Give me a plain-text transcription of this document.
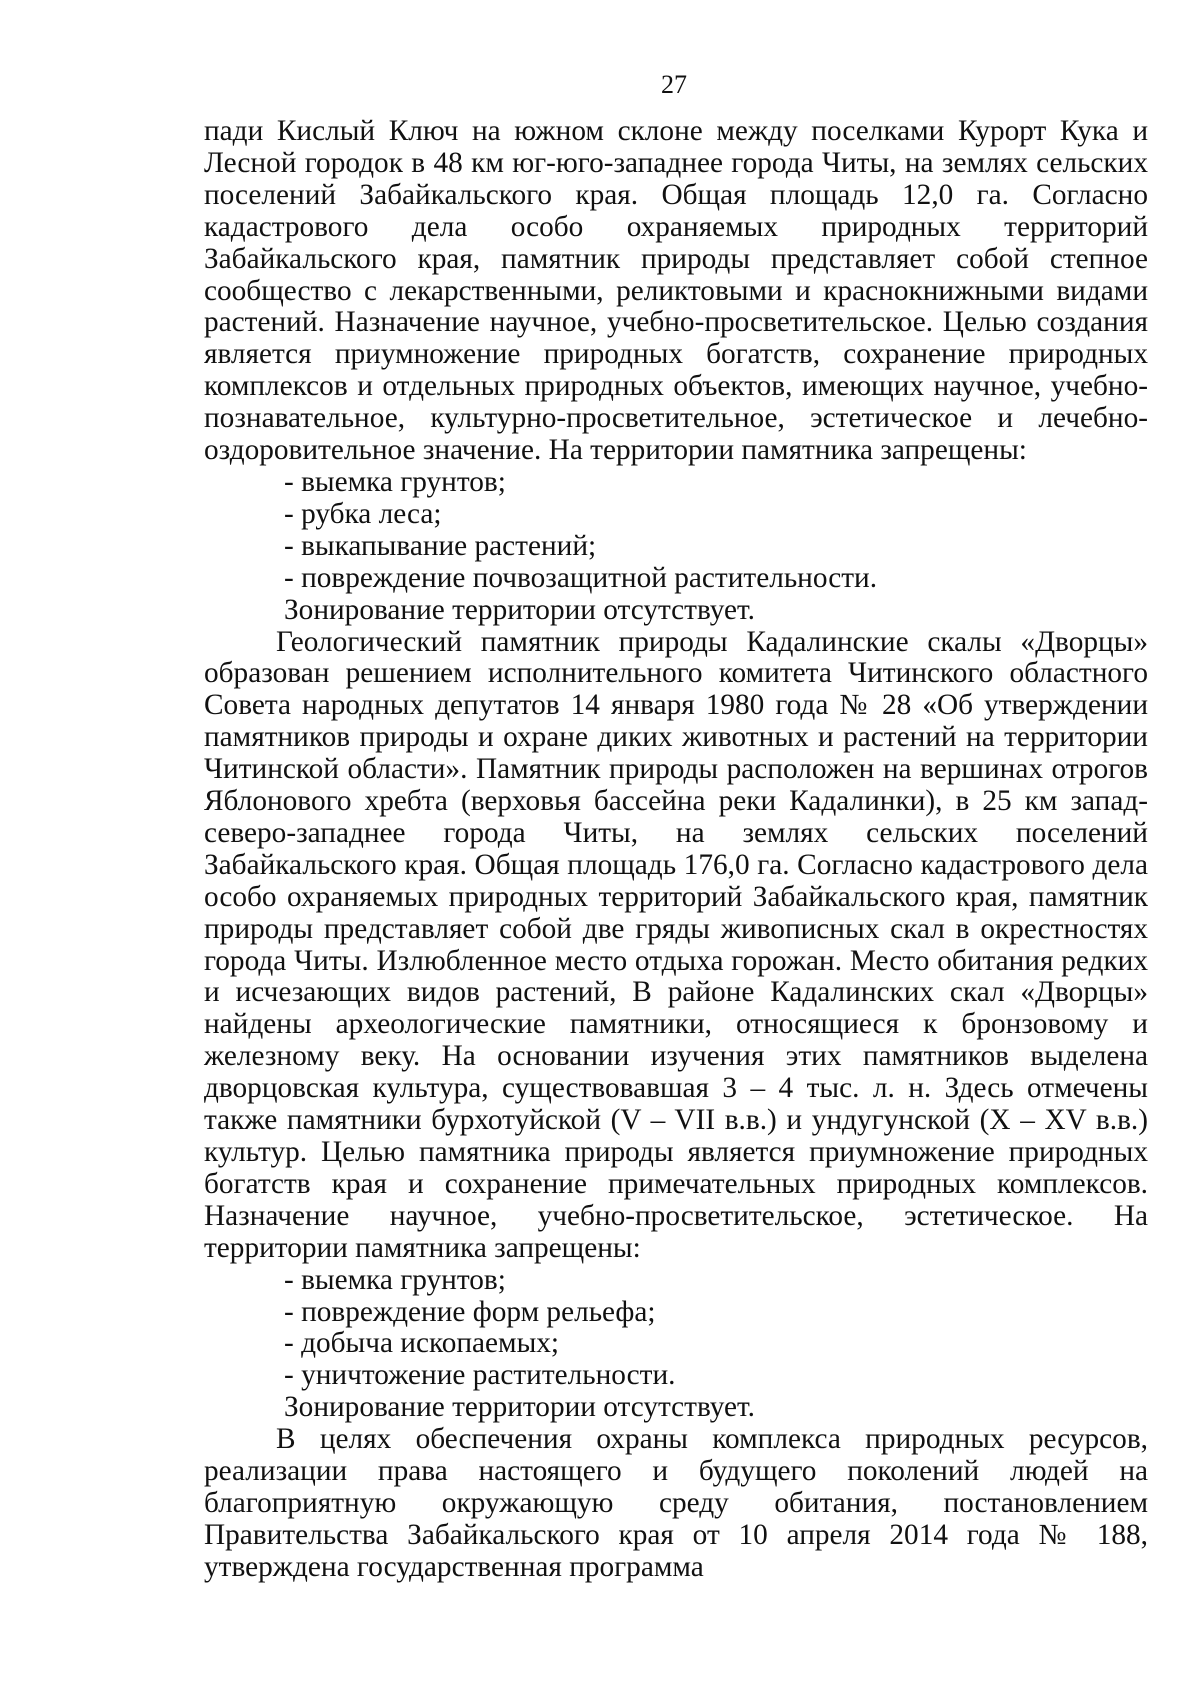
27

пади Кислый Ключ на южном склоне между поселками Курорт Кука и Лесной городок в 48 км юг-юго-западнее города Читы, на землях сельских поселений Забайкальского края. Общая площадь 12,0 га. Согласно кадастрового дела особо охраняемых природных территорий Забайкальского края, памятник природы представляет собой степное сообщество с лекарственными, реликтовыми и краснокнижными видами растений. Назначение научное, учебно-просветительское. Целью создания является приумножение природных богатств, сохранение природных комплексов и отдельных природных объектов, имеющих научное, учебно-познавательное, культурно-просветительное, эстетическое и лечебно-оздоровительное значение. На территории памятника запрещены:

- выемка грунтов;

- рубка леса;

- выкапывание растений;

- повреждение почвозащитной растительности.

Зонирование территории отсутствует.

Геологический памятник природы Кадалинские скалы «Дворцы» образован решением исполнительного комитета Читинского областного Совета народных депутатов 14 января 1980 года № 28 «Об утверждении памятников природы и охране диких животных и растений на территории Читинской области». Памятник природы расположен на вершинах отрогов Яблонового хребта (верховья бассейна реки Кадалинки), в 25 км запад-северо-западнее города Читы, на землях сельских поселений Забайкальского края. Общая площадь 176,0 га. Согласно кадастрового дела особо охраняемых природных территорий Забайкальского края, памятник природы представляет собой две гряды живописных скал в окрестностях города Читы. Излюбленное место отдыха горожан. Место обитания редких и исчезающих видов растений, В районе Кадалинских скал «Дворцы» найдены археологические памятники, относящиеся к бронзовому и железному веку. На основании изучения этих памятников выделена дворцовская культура, существовавшая 3 – 4 тыс. л. н. Здесь отмечены также памятники бурхотуйской (V – VII в.в.) и ундугунской (X – XV в.в.) культур. Целью памятника природы является приумножение природных богатств края и сохранение примечательных природных комплексов. Назначение научное, учебно-просветительское, эстетическое. На территории памятника запрещены:

- выемка грунтов;

- повреждение форм рельефа;

- добыча ископаемых;

- уничтожение растительности.

Зонирование территории отсутствует.

В целях обеспечения охраны комплекса природных ресурсов, реализации права настоящего и будущего поколений людей на благоприятную окружающую среду обитания, постановлением Правительства Забайкальского края от 10 апреля 2014 года № 188, утверждена государственная программа
